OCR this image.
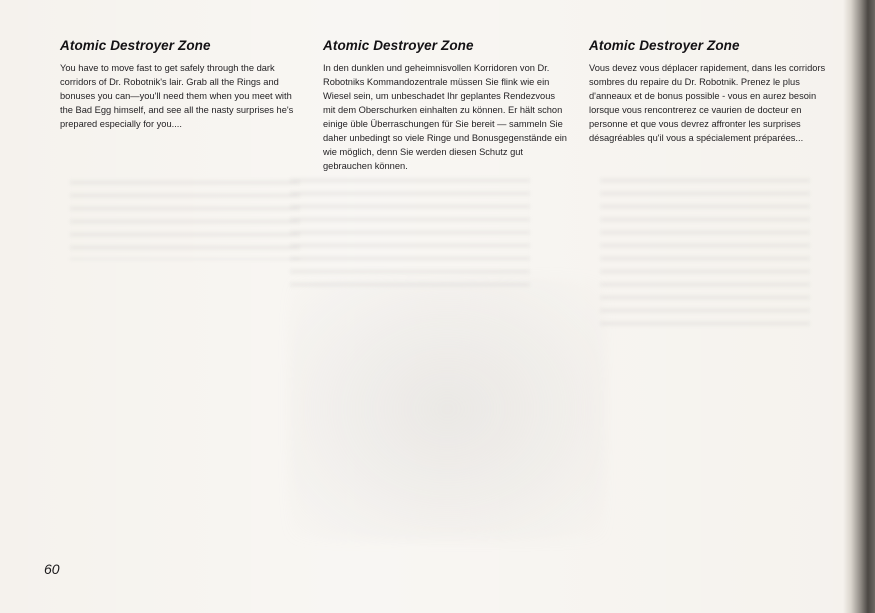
Atomic Destroyer Zone

You have to move fast to get safely through the dark corridors of Dr. Robotnik's lair. Grab all the Rings and bonuses you can—you'll need them when you meet with the Bad Egg himself, and see all the nasty surprises he's prepared especially for you....

Atomic Destroyer Zone

In den dunklen und geheimnisvollen Korridoren von Dr. Robotniks Kommandozentrale müssen Sie flink wie ein Wiesel sein, um unbeschadet Ihr geplantes Rendezvous mit dem Oberschurken einhalten zu können. Er hält schon einige üble Überraschungen für Sie bereit — sammeln Sie daher unbedingt so viele Ringe und Bonusgegenstände ein wie möglich, denn Sie werden diesen Schutz gut gebrauchen können.

Atomic Destroyer Zone

Vous devez vous déplacer rapidement, dans les corridors sombres du repaire du Dr. Robotnik. Prenez le plus d'anneaux et de bonus possible - vous en aurez besoin lorsque vous rencontrerez ce vaurien de docteur en personne et que vous devrez affronter les surprises désagréables qu'il vous a spécialement préparées...

60
